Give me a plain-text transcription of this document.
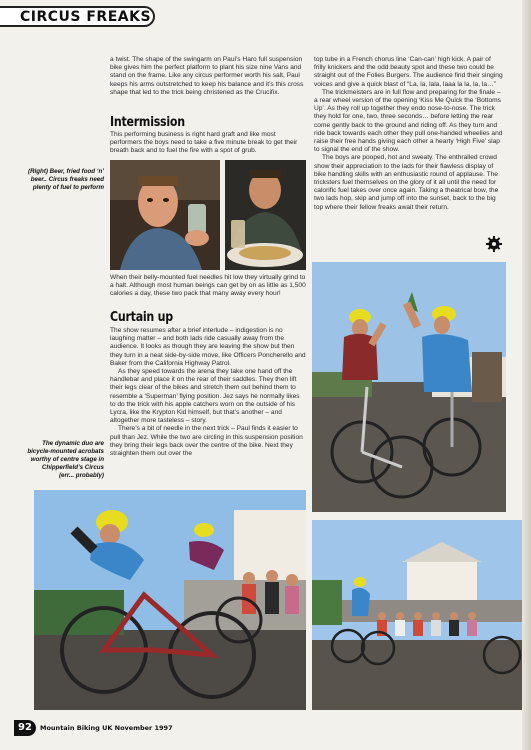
CIRCUS FREAKS

a twist. The shape of the swingarm on Paul’s Haro full suspension bike gives him the perfect platform to plant his size nine Vans and stand on the frame. Like any circus performer worth his salt, Paul keeps his arms outstretched to keep his balance and it’s this cross shape that led to the trick being christened as the Crucifix.

Intermission

This performing business is right hard graft and like most performers the boys need to take a five minute break to get their breath back and to fuel the fire with a spot of grub.

(Right) Beer, fried food ‘n’ beer.. Circus freaks need plenty of fuel to perform

When their belly-mounted fuel needles hit low they virtually grind to a halt. Although most human beings can get by on as little as 1,500 calories a day, these two pack that many away every hour!

Curtain up

The show resumes after a brief interlude – indigestion is no laughing matter – and both lads ride casually away from the audience. It looks as though they are leaving the show but then they turn in a neat side-by-side move, like Officers Poncherello and Baker from the California Highway Patrol.

As they speed towards the arena they take one hand off the handlebar and place it on the rear of their saddles. They then lift their legs clear of the bikes and stretch them out behind them to resemble a ‘Superman’ flying position. Jez says he normally likes to do the trick with his apple catchers worn on the outside of his Lycra, like the Krypton Kid himself, but that’s another – and altogether more tasteless – story.

There’s a bit of needle in the next trick – Paul finds it easier to pull than Jez. While the two are circling in this suspension position they bring their legs back over the centre of the bike. Next they straighten them out over the

The dynamic duo are bicycle-mounted acrobats worthy of centre stage in Chipperfield’s Circus (err... probably)

top tube in a French chorus line ‘Can-can’ high kick. A pair of frilly knickers and the odd beauty spot and these two could be straight out of the Folies Burgers. The audience find their singing voices and give a quick blast of “La, la, lala, laaa la la, la, la…”

The trickmeisters are in full flow and preparing for the finale – a rear wheel version of the opening ‘Kiss Me Quick the ‘Bottoms Up’. As they roll up together they endo nose-to-nose. The trick they hold for one, two, three seconds… before letting the rear come gently back to the ground and riding off. As they turn and ride back towards each other they pull one-handed wheelies and raise their free hands giving each other a hearty ‘High Five’ slap to signal the end of the show.

The boys are pooped, hot and sweaty. The enthralled crowd show their appreciation to the lads for their flawless display of bike handling skills with an enthusiastic round of applause. The tricksters fuel themselves on the glory of it all until the need for calorific fuel takes over once again. Taking a theatrical bow, the two lads hop, skip and jump off into the sunset, back to the big top where their fellow freaks await their return.

92	Mountain Biking UK November 1997
